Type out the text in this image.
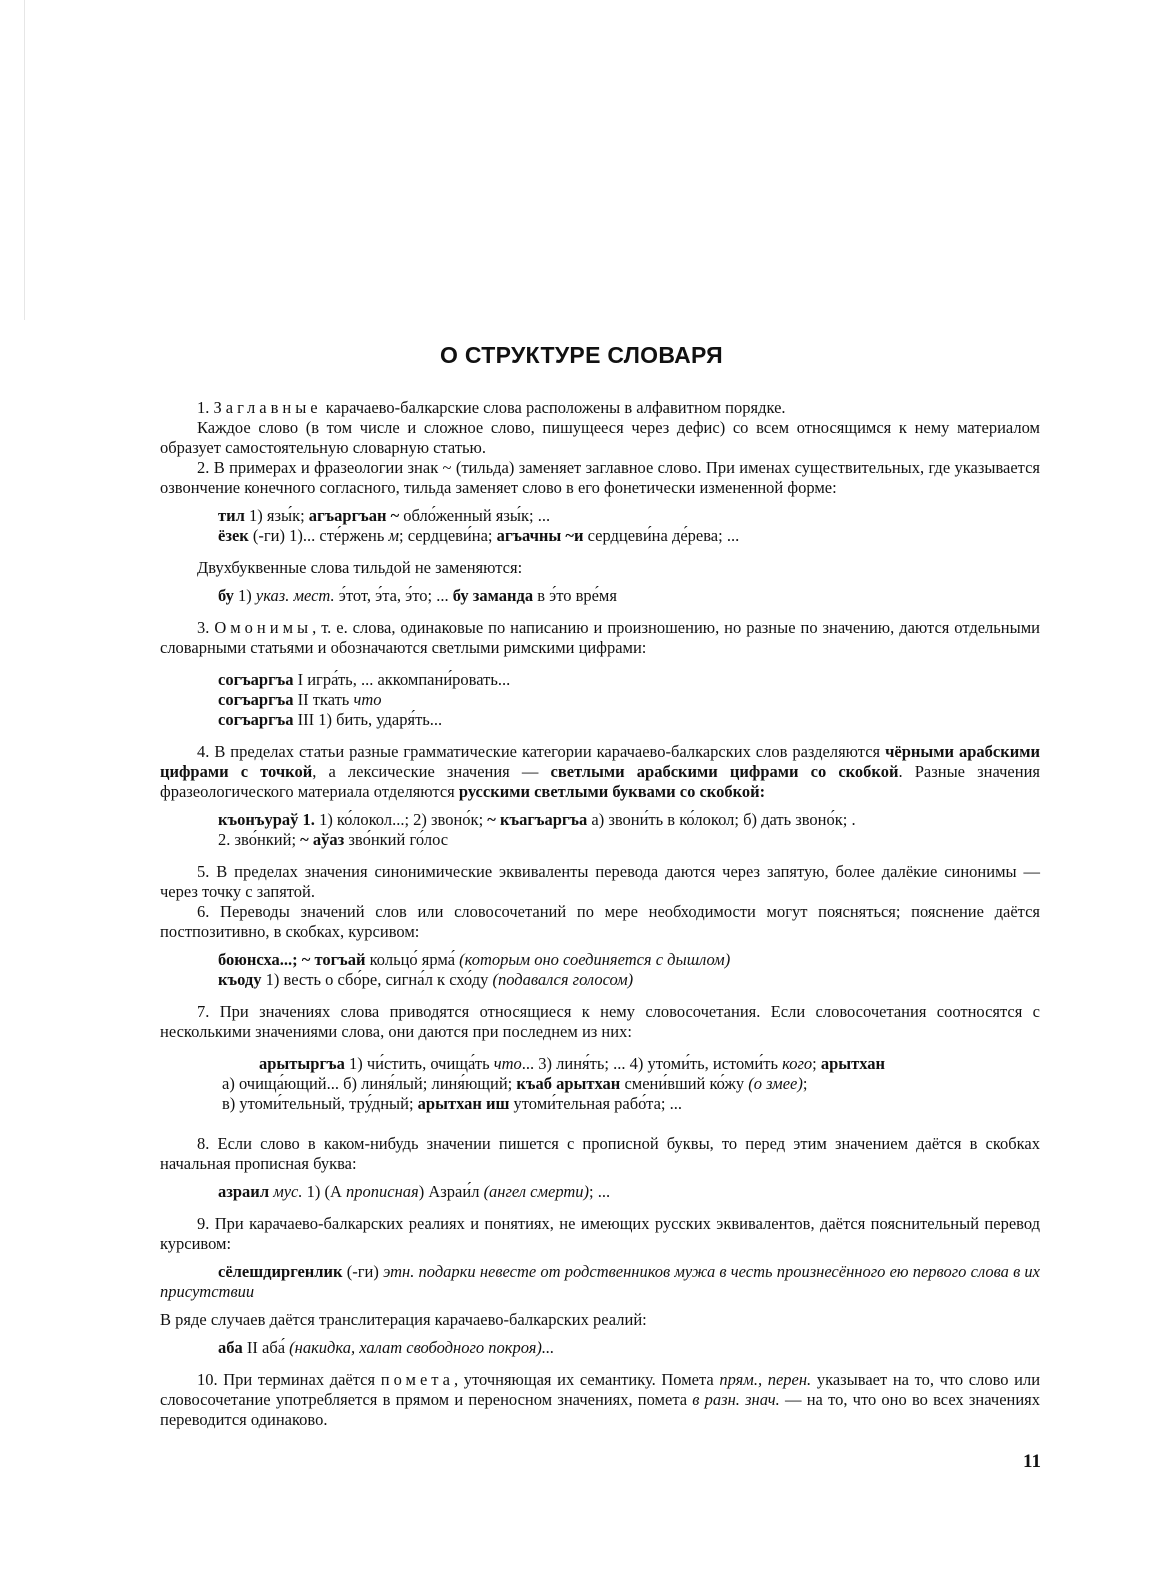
О СТРУКТУРЕ СЛОВАРЯ

1. Заглавные карачаево-балкарские слова расположены в алфавитном порядке.

Каждое слово (в том числе и сложное слово, пишущееся через дефис) со всем относящимся к нему материалом образует самостоятельную словарную статью.

2. В примерах и фразеологии знак ~ (тильда) заменяет заглавное слово. При именах существительных, где указывается озвончение конечного согласного, тильда заменяет слово в его фонетически измененной форме:

тил 1) язы́к; агъаргъан ~ обло́женный язы́к; ...

ёзек (-ги) 1)... сте́ржень м; сердцеви́на; агъачны ~и сердцеви́на де́рева; ...

Двухбуквенные слова тильдой не заменяются:

бу 1) указ. мест. э́тот, э́та, э́то; ... бу заманда в э́то вре́мя

3. Омонимы, т. е. слова, одинаковые по написанию и произношению, но разные по значению, даются отдельными словарными статьями и обозначаются светлыми римскими цифрами:

согъаргъа I игра́ть, ... аккомпани́ровать...

согъаргъа II ткать что

согъаргъа III 1) бить, ударя́ть...

4. В пределах статьи разные грамматические категории карачаево-балкарских слов разделяются чёрными арабскими цифрами с точкой, а лексические значения — светлыми арабскими цифрами со скобкой. Разные значения фразеологического материала отделяются русскими светлыми буквами со скобкой:

къонъураў 1. 1) ко́локол...; 2) звоно́к; ~ къагъаргъа а) звони́ть в ко́локол; б) дать звоно́к; .

2. зво́нкий; ~ аўаз зво́нкий го́лос

5. В пределах значения синонимические эквиваленты перевода даются через запятую, более далёкие синонимы — через точку с запятой.

6. Переводы значений слов или словосочетаний по мере необходимости могут поясняться; пояснение даётся постпозитивно, в скобках, курсивом:

боюнсха...; ~ тогъай кольцо́ ярма́ (которым оно соединяется с дышлом)

къоду 1) весть о сбо́ре, сигна́л к схо́ду (подавался голосом)

7. При значениях слова приводятся относящиеся к нему словосочетания. Если словосочетания соотносятся с несколькими значениями слова, они даются при последнем из них:

арытыргъа 1) чи́стить, очища́ть что... 3) линя́ть; ... 4) утоми́ть, истоми́ть кого; арытхан

а) очища́ющий... б) линя́лый; линя́ющий; къаб арытхан смени́вший ко́жу (о змее);

в) утоми́тельный, тру́дный; арытхан иш утоми́тельная рабо́та; ...

8. Если слово в каком-нибудь значении пишется с прописной буквы, то перед этим значением даётся в скобках начальная прописная буква:

азраил мус. 1) (А прописная) Азраи́л (ангел смерти); ...

9. При карачаево-балкарских реалиях и понятиях, не имеющих русских эквивалентов, даётся пояснительный перевод курсивом:

сёлешдиргенлик (-ги) этн. подарки невесте от родственников мужа в честь произнесённого ею первого слова в их присутствии

В ряде случаев даётся транслитерация карачаево-балкарских реалий:

аба II аба́ (накидка, халат свободного покроя)...

10. При терминах даётся помета, уточняющая их семантику. Помета прям., перен. указывает на то, что слово или словосочетание употребляется в прямом и переносном значениях, помета в разн. знач. — на то, что оно во всех значениях переводится одинаково.

11
